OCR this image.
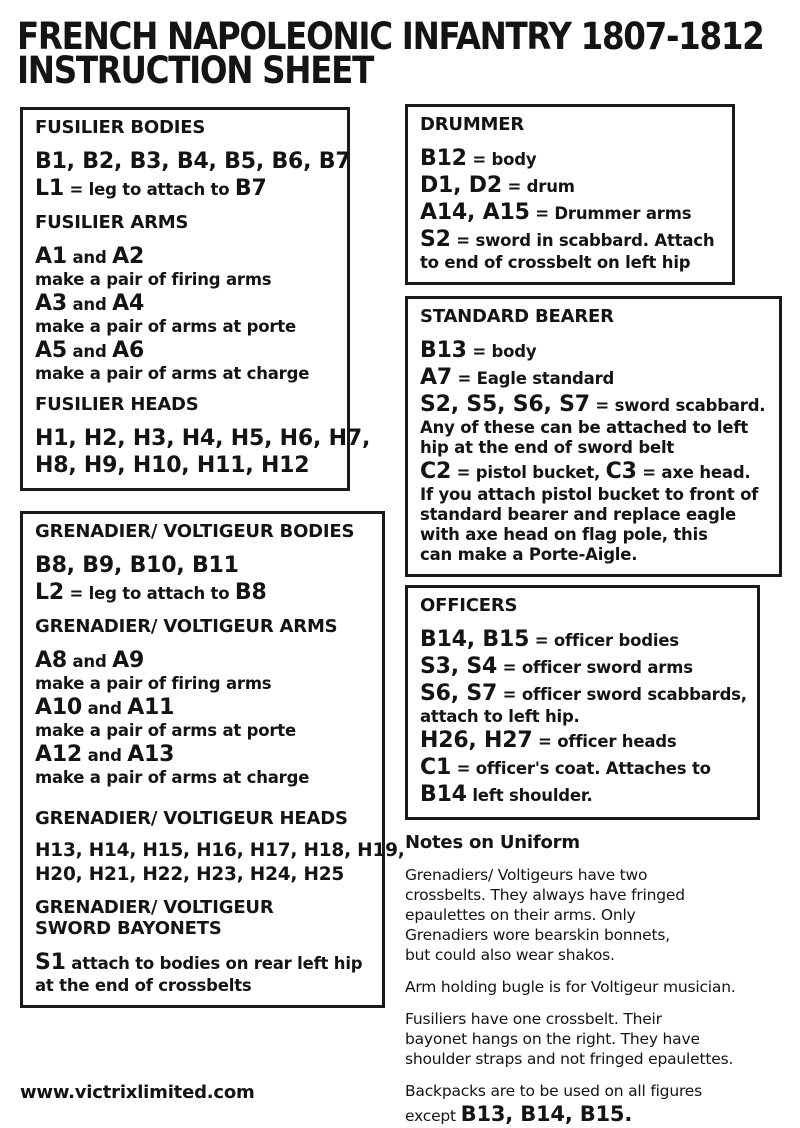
FRENCH NAPOLEONIC INFANTRY 1807-1812
INSTRUCTION SHEET
FUSILIER BODIES
B1, B2, B3, B4, B5, B6, B7
L1 = leg to attach to B7
FUSILIER ARMS
A1 and A2
make a pair of firing arms
A3 and A4
make a pair of arms at porte
A5 and A6
make a pair of arms at charge
FUSILIER HEADS
H1, H2, H3, H4, H5, H6, H7,
H8, H9, H10, H11, H12
GRENADIER/ VOLTIGEUR BODIES
B8, B9, B10, B11
L2 = leg to attach to B8
GRENADIER/ VOLTIGEUR ARMS
A8 and A9
make a pair of firing arms
A10 and A11
make a pair of arms at porte
A12 and A13
make a pair of arms at charge
GRENADIER/ VOLTIGEUR HEADS
H13, H14, H15, H16, H17, H18, H19,
H20, H21, H22, H23, H24, H25
GRENADIER/ VOLTIGEUR
SWORD BAYONETS
S1 attach to bodies on rear left hip
at the end of crossbelts
DRUMMER
B12 = body
D1, D2 = drum
A14, A15 = Drummer arms
S2 = sword in scabbard. Attach
to end of crossbelt on left hip
STANDARD BEARER
B13 = body
A7 = Eagle standard
S2, S5, S6, S7 = sword scabbard.
Any of these can be attached to left
hip at the end of sword belt
C2 = pistol bucket, C3 = axe head.
If you attach pistol bucket to front of
standard bearer and replace eagle
with axe head on flag pole, this
can make a Porte-Aigle.
OFFICERS
B14, B15 = officer bodies
S3, S4 = officer sword arms
S6, S7 = officer sword scabbards,
attach to left hip.
H26, H27 = officer heads
C1 = officer's coat. Attaches to
B14 left shoulder.
Notes on Uniform
Grenadiers/ Voltigeurs have two
crossbelts. They always have fringed
epaulettes on their arms. Only
Grenadiers wore bearskin bonnets,
but could also wear shakos.
Arm holding bugle is for Voltigeur musician.
Fusiliers have one crossbelt. Their
bayonet hangs on the right. They have
shoulder straps and not fringed epaulettes.
Backpacks are to be used on all figures
except B13, B14, B15.
www.victrixlimited.com
